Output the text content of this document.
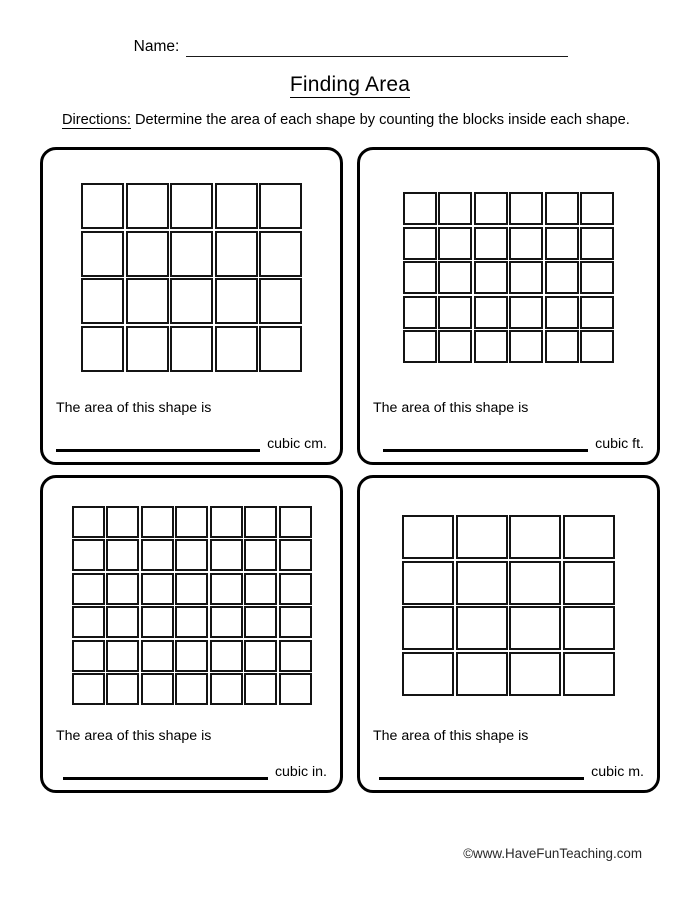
Name:
Finding Area
Directions: Determine the area of each shape by counting the blocks inside each shape.
The area of this shape is
cubic cm.
The area of this shape is
cubic ft.
The area of this shape is
cubic in.
The area of this shape is
cubic m.
©www.HaveFunTeaching.com
